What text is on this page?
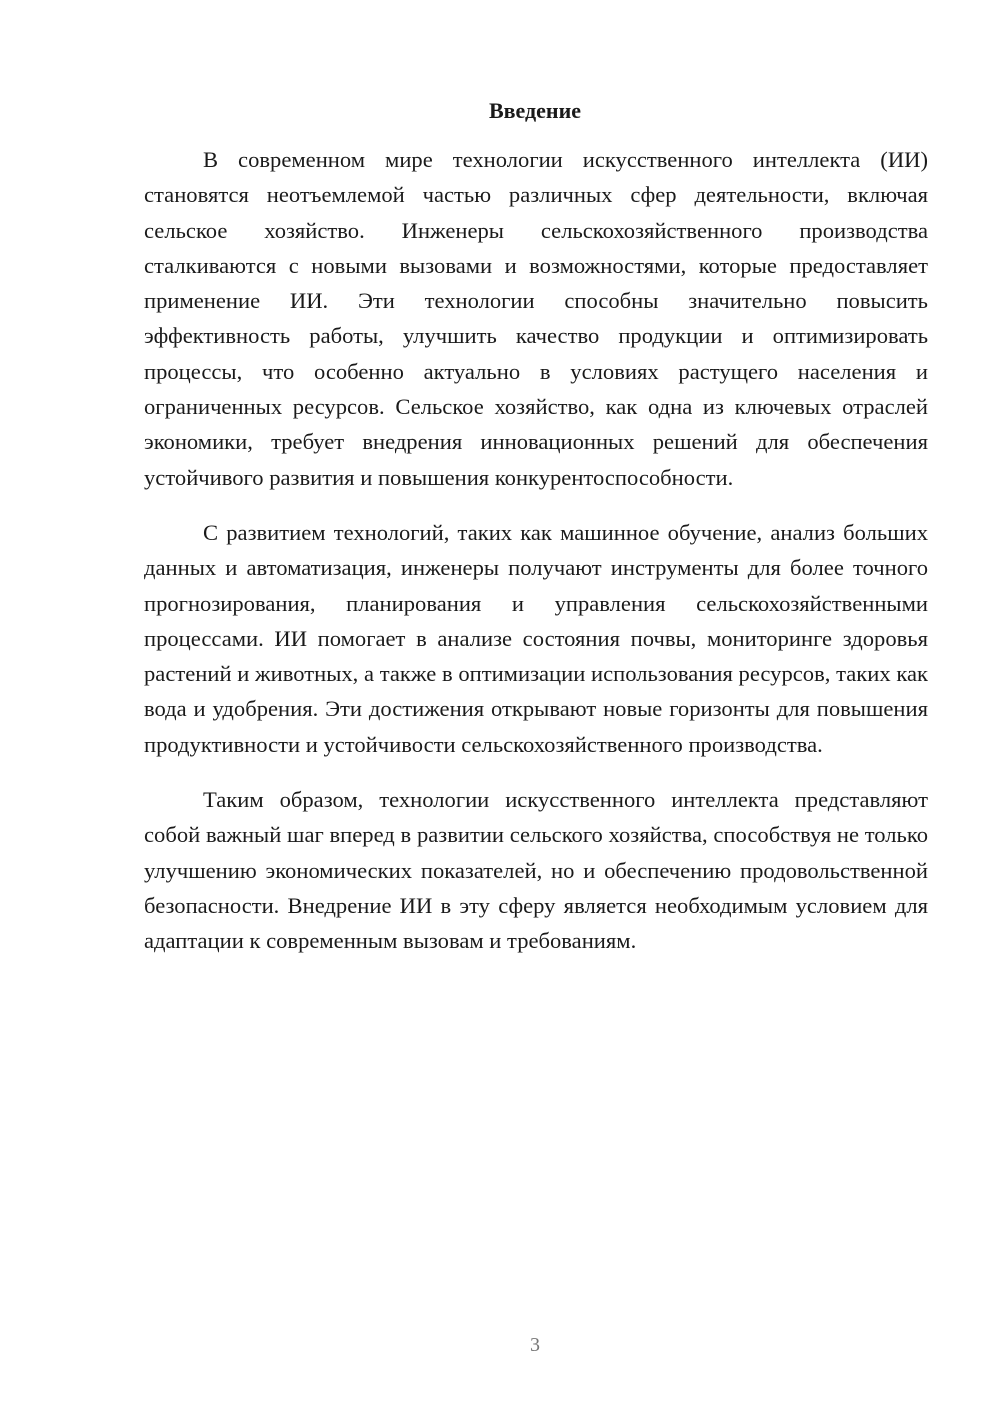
Введение

В современном мире технологии искусственного интеллекта (ИИ) становятся неотъемлемой частью различных сфер деятельности, включая сельское хозяйство. Инженеры сельскохозяйственного производства сталкиваются с новыми вызовами и возможностями, которые предоставляет применение ИИ. Эти технологии способны значительно повысить эффективность работы, улучшить качество продукции и оптимизировать процессы, что особенно актуально в условиях растущего населения и ограниченных ресурсов. Сельское хозяйство, как одна из ключевых отраслей экономики, требует внедрения инновационных решений для обеспечения устойчивого развития и повышения конкурентоспособности.

С развитием технологий, таких как машинное обучение, анализ больших данных и автоматизация, инженеры получают инструменты для более точного прогнозирования, планирования и управления сельскохозяйственными процессами. ИИ помогает в анализе состояния почвы, мониторинге здоровья растений и животных, а также в оптимизации использования ресурсов, таких как вода и удобрения. Эти достижения открывают новые горизонты для повышения продуктивности и устойчивости сельскохозяйственного производства.

Таким образом, технологии искусственного интеллекта представляют собой важный шаг вперед в развитии сельского хозяйства, способствуя не только улучшению экономических показателей, но и обеспечению продовольственной безопасности. Внедрение ИИ в эту сферу является необходимым условием для адаптации к современным вызовам и требованиям.

3
